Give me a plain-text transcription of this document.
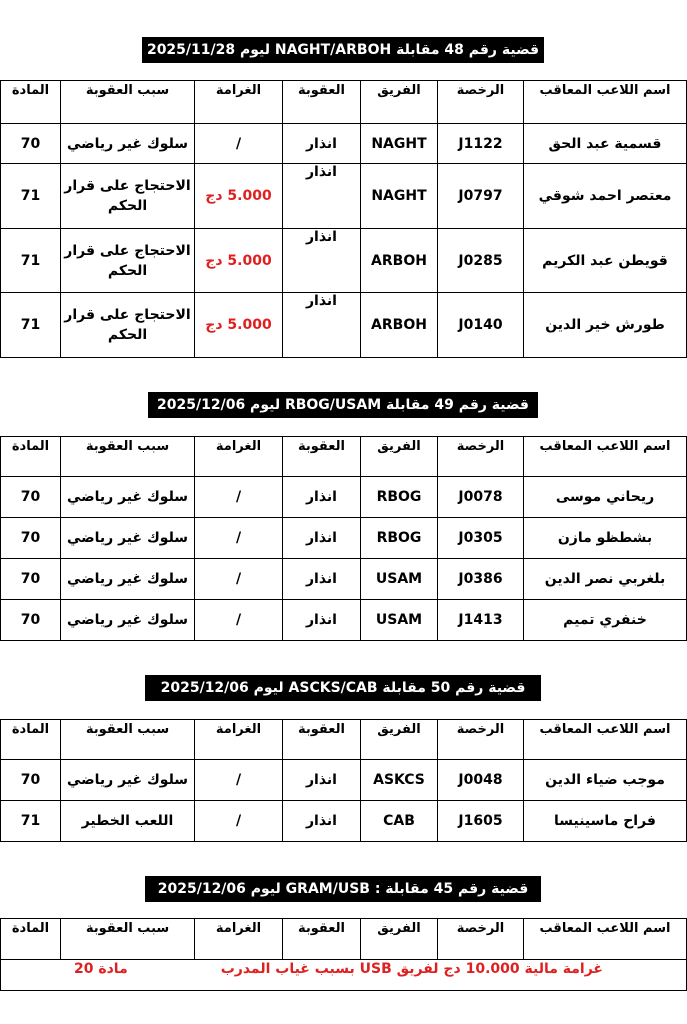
قضية رقم 48 مقابلة NAGHT/ARBOH ليوم 2025/11/28
اسم اللاعب المعاقب	الرخصة	الفريق	العقوبة	الغرامة	سبب العقوبة	المادة
قسمية عبد الحق	J1122	NAGHT	انذار	/	سلوك غير رياضي	70
معتصر احمد شوقي	J0797	NAGHT	انذار	5.000 دج	الاحتجاج على قرار الحكم	71
قويطن عبد الكريم	J0285	ARBOH	انذار	5.000 دج	الاحتجاج على قرار الحكم	71
طورش خير الدين	J0140	ARBOH	انذار	5.000 دج	الاحتجاج على قرار الحكم	71
قضية رقم 49 مقابلة RBOG/USAM ليوم 2025/12/06
اسم اللاعب المعاقب	الرخصة	الفريق	العقوبة	الغرامة	سبب العقوبة	المادة
ريحاني موسى	J0078	RBOG	انذار	/	سلوك غير رياضي	70
بشطظو مازن	J0305	RBOG	انذار	/	سلوك غير رياضي	70
بلغربي نصر الدين	J0386	USAM	انذار	/	سلوك غير رياضي	70
خنفري تميم	J1413	USAM	انذار	/	سلوك غير رياضي	70
قضية رقم 50 مقابلة ASCKS/CAB ليوم 2025/12/06
اسم اللاعب المعاقب	الرخصة	الفريق	العقوبة	الغرامة	سبب العقوبة	المادة
موجب ضياء الدين	J0048	ASKCS	انذار	/	سلوك غير رياضي	70
فراح ماسينيسا	J1605	CAB	انذار	/	اللعب الخطير	71
قضية رقم 45 مقابلة : GRAM/USB ليوم 2025/12/06
اسم اللاعب المعاقب	الرخصة	الفريق	العقوبة	الغرامة	سبب العقوبة	المادة

غرامة مالية 10.000 دج لفريق USB بسبب غياب المدرب
مادة 20
